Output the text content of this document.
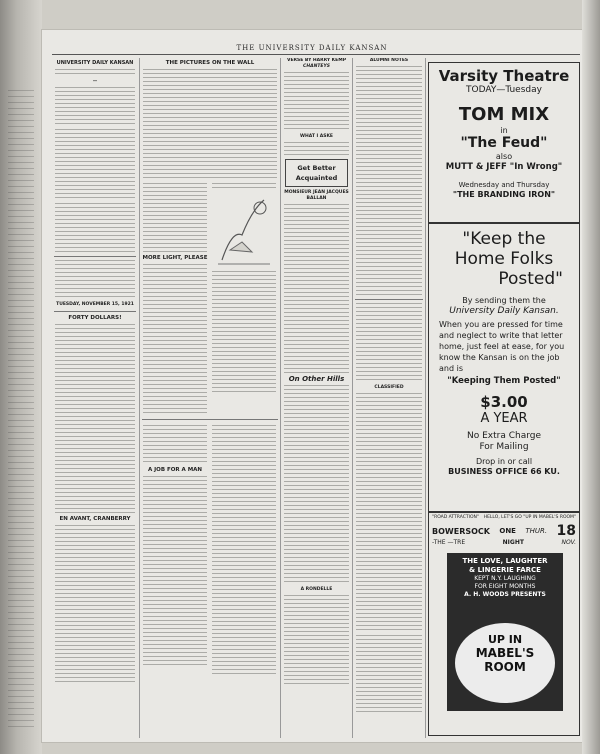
THE UNIVERSITY DAILY KANSAN
UNIVERSITY DAILY KANSAN
—
TUESDAY, NOVEMBER 15, 1921
FORTY DOLLARS!
EN AVANT, CRANBERRY
THE PICTURES ON THE WALL
MORE LIGHT, PLEASE
A JOB FOR A MAN
VERSE BY HARRY KEMP
CHANTEYS
WHAT I ASKE
Get Better
Acquainted
MONSIEUR JEAN JACQUES BALLAN
On Other Hills
A RONDELLE
ALUMNI NOTES
CLASSIFIED
Varsity Theatre
TODAY—Tuesday
TOM MIX
in
"The Feud"
also
MUTT & JEFF "In Wrong"
Wednesday and Thursday
"THE BRANDING IRON"
"Keep the
Home Folks
Posted"
By sending them the
University Daily Kansan.
When you are pressed for time and neglect to write that letter home, just feel at ease, for you know the Kansan is on the job and is
"Keeping Them Posted"
$3.00
A YEAR
No Extra Charge
For Mailing
Drop in or call
BUSINESS OFFICE 66 KU.
"ROAD ATTRACTION" HELLO, LET'S GO "UP IN MABEL'S ROOM"
BOWERSOCK ONE THUR. 18
-THE —TRE	NIGHT	NOV.
THE LOVE, LAUGHTER
& LINGERIE FARCE
KEPT N.Y. LAUGHING
FOR EIGHT MONTHS
A. H. WOODS PRESENTS
UP IN
MABEL'S
ROOM
